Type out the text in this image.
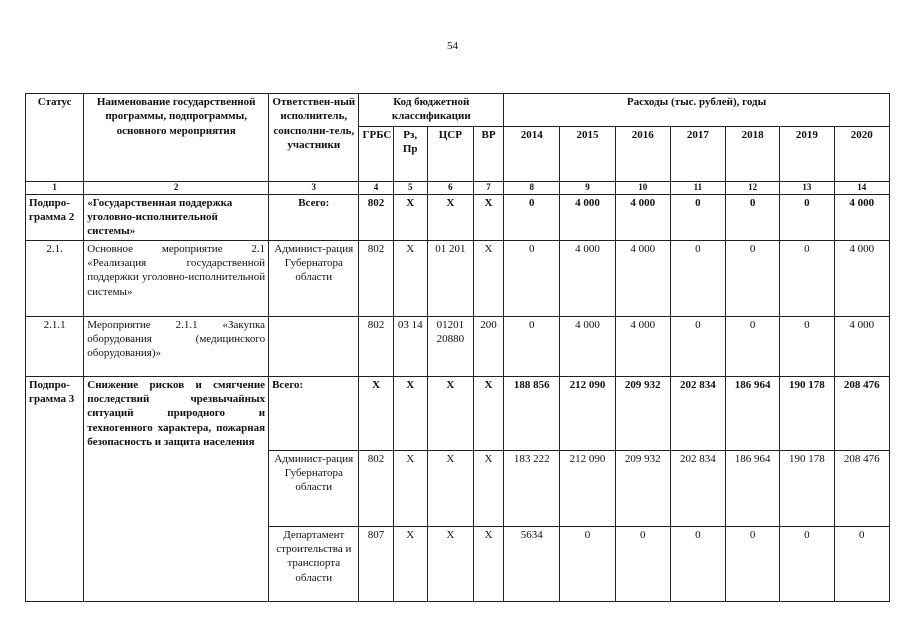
54
Статус	Наименование государственной программы, подпрограммы, основного мероприятия	Ответствен-ный исполнитель, соисполни-тель, участники	Код бюджетной классификации				Расходы (тыс. рублей), годы						
			ГРБС	Рз, Пр	ЦСР	ВР	2014	2015	2016	2017	2018	2019	2020
1	2	3	4	5	6	7	8	9	10	11	12	13	14
Подпро-грамма 2	«Государственная поддержка уголовно-исполнительной системы»	Всего:	802	Х	Х	Х	0	4 000	4 000	0	0	0	4 000
2.1.	Основное мероприятие 2.1 «Реализация государственной поддержки уголовно-исполнительной системы»	Админист-рация Губернатора области	802	Х	01 201	Х	0	4 000	4 000	0	0	0	4 000
2.1.1	Мероприятие 2.1.1 «Закупка оборудования (медицинского оборудования)»		802	03 14	01201 20880	200	0	4 000	4 000	0	0	0	4 000
Подпро-грамма 3	Снижение рисков и смягчение последствий чрезвычайных ситуаций природного и техногенного характера, пожарная безопасность и защита населения	Всего:	Х	Х	Х	Х	188 856	212 090	209 932	202 834	186 964	190 178	208 476
		Админист-рация Губернатора области	802	Х	Х	Х	183 222	212 090	209 932	202 834	186 964	190 178	208 476
		Департамент строительства и транспорта области	807	Х	Х	Х	5634	0	0	0	0	0	0
